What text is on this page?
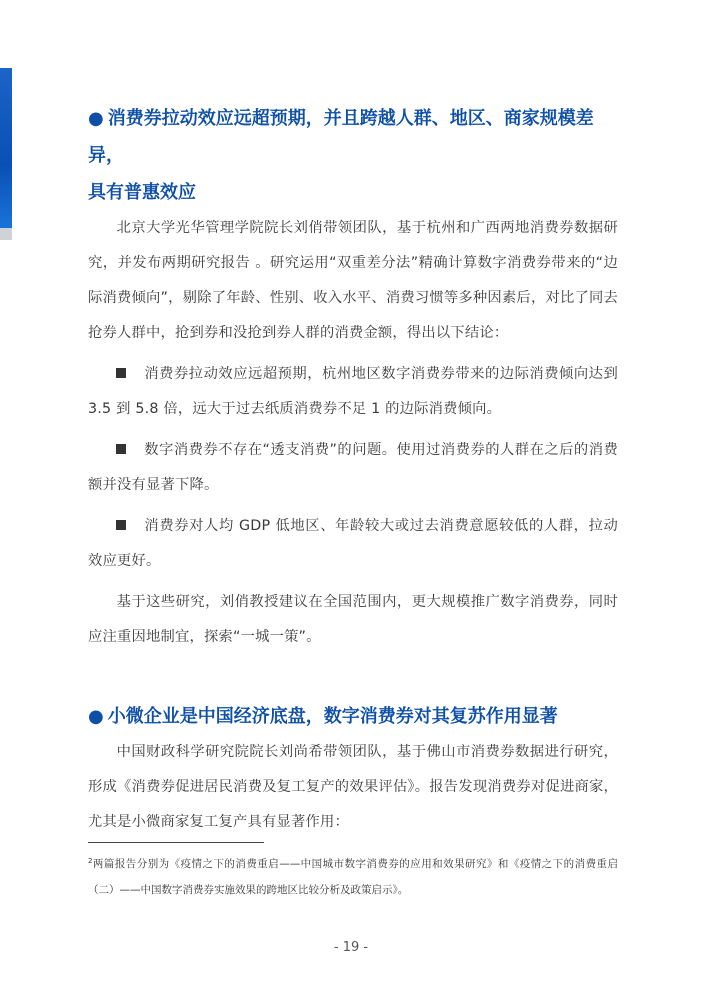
● 消费券拉动效应远超预期，并且跨越人群、地区、商家规模差异，

具有普惠效应

北京大学光华管理学院院长刘俏带领团队，基于杭州和广西两地消费券数据研究，并发布两期研究报告 。研究运用“双重差分法”精确计算数字消费券带来的“边际消费倾向”，剔除了年龄、性别、收入水平、消费习惯等多种因素后，对比了同去抢券人群中，抢到券和没抢到券人群的消费金额，得出以下结论：

消费券拉动效应远超预期，杭州地区数字消费券带来的边际消费倾向达到 3.5 到 5.8 倍，远大于过去纸质消费券不足 1 的边际消费倾向。

数字消费券不存在“透支消费”的问题。使用过消费券的人群在之后的消费额并没有显著下降。

消费券对人均 GDP 低地区、年龄较大或过去消费意愿较低的人群，拉动效应更好。

基于这些研究，刘俏教授建议在全国范围内，更大规模推广数字消费券，同时应注重因地制宜，探索“一城一策”。

● 小微企业是中国经济底盘，数字消费券对其复苏作用显著

中国财政科学研究院院长刘尚希带领团队，基于佛山市消费券数据进行研究，形成《消费券促进居民消费及复工复产的效果评估》。报告发现消费券对促进商家，尤其是小微商家复工复产具有显著作用：

$^2$两篇报告分别为《疫情之下的消费重启——中国城市数字消费券的应用和效果研究》和《疫情之下的消费重启（二）——中国数字消费券实施效果的跨地区比较分析及政策启示》。
- 19 -
